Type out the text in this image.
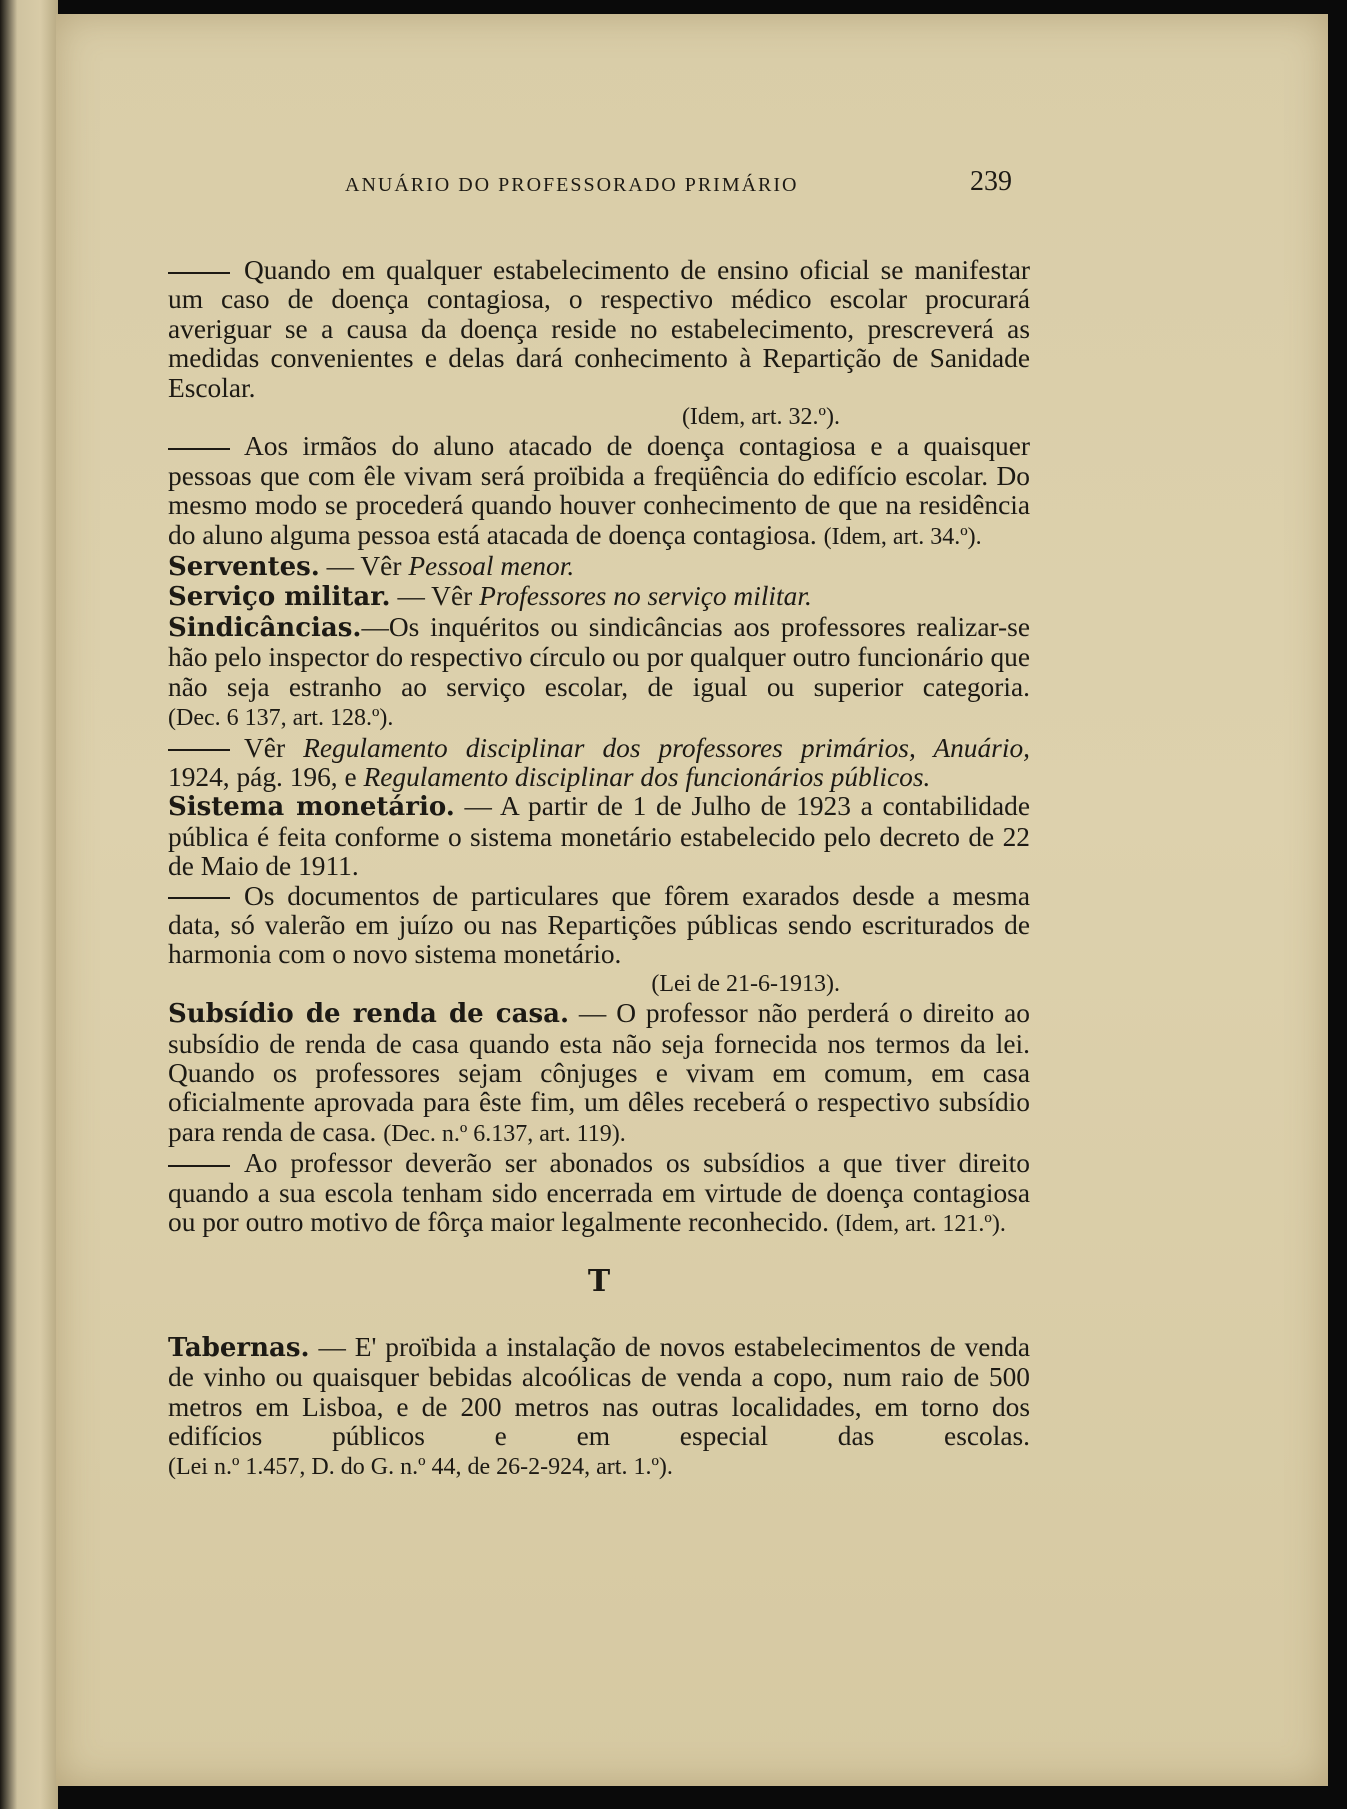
ANUÁRIO DO PROFESSORADO PRIMÁRIO	239

Quando em qualquer estabelecimento de ensino oficial se manifestar um caso de doença contagiosa, o respectivo médico escolar procurará averiguar se a causa da doença reside no estabelecimento, prescreverá as medidas convenientes e delas dará conhecimento à Repartição de Sanidade Escolar.
(Idem, art. 32.º).

Aos irmãos do aluno atacado de doença contagiosa e a quaisquer pessoas que com êle vivam será proïbida a freqüência do edifício escolar. Do mesmo modo se procederá quando houver conhecimento de que na residência do aluno alguma pessoa está atacada de doença contagiosa. (Idem, art. 34.º).

Serventes. — Vêr Pessoal menor.

Serviço militar. — Vêr Professores no serviço militar.

Sindicâncias.—Os inquéritos ou sindicâncias aos professores realizar-se hão pelo inspector do respectivo círculo ou por qualquer outro funcionário que não seja estranho ao serviço escolar, de igual ou superior categoria. (Dec. 6 137, art. 128.º).

Vêr Regulamento disciplinar dos professores primários, Anuário, 1924, pág. 196, e Regulamento disciplinar dos funcionários públicos.

Sistema monetário. — A partir de 1 de Julho de 1923 a contabilidade pública é feita conforme o sistema monetário estabelecido pelo decreto de 22 de Maio de 1911.

Os documentos de particulares que fôrem exarados desde a mesma data, só valerão em juízo ou nas Repartições públicas sendo escriturados de harmonia com o novo sistema monetário.
(Lei de 21-6-1913).

Subsídio de renda de casa. — O professor não perderá o direito ao subsídio de renda de casa quando esta não seja fornecida nos termos da lei. Quando os professores sejam cônjuges e vivam em comum, em casa oficialmente aprovada para êste fim, um dêles receberá o respectivo subsídio para renda de casa. (Dec. n.º 6.137, art. 119).

Ao professor deverão ser abonados os subsídios a que tiver direito quando a sua escola tenham sido encerrada em virtude de doença contagiosa ou por outro motivo de fôrça maior legalmente reconhecido. (Idem, art. 121.º).

T

Tabernas. — E' proïbida a instalação de novos estabelecimentos de venda de vinho ou quaisquer bebidas alcoólicas de venda a copo, num raio de 500 metros em Lisboa, e de 200 metros nas outras localidades, em torno dos edifícios públicos e em especial das escolas. (Lei n.º 1.457, D. do G. n.º 44, de 26-2-924, art. 1.º).
